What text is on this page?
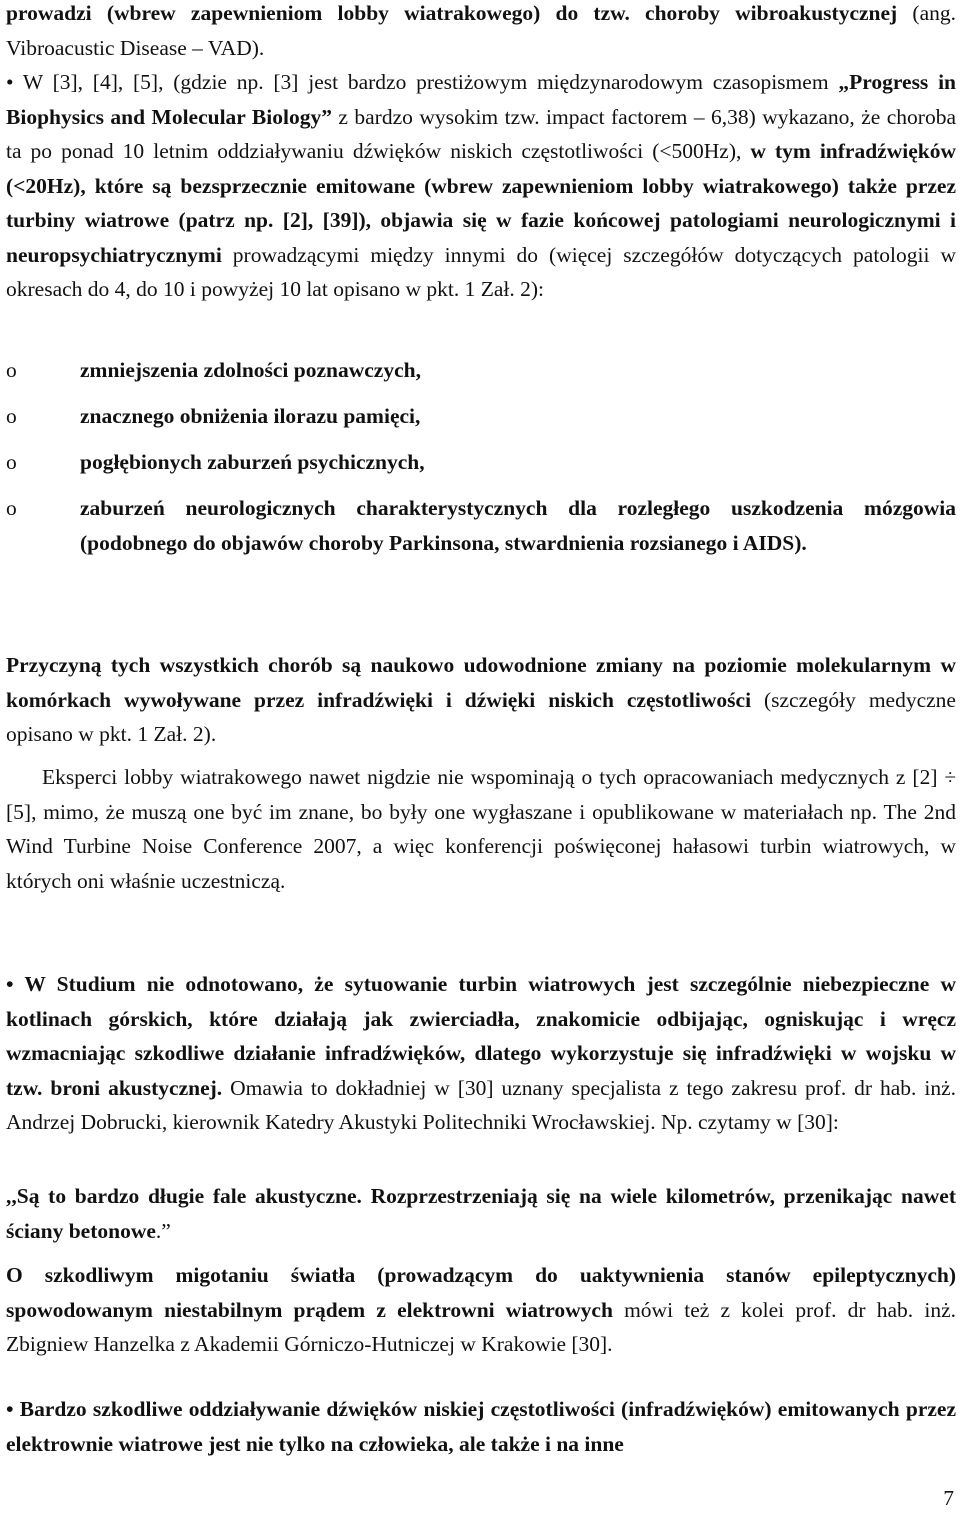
prowadzi (wbrew zapewnieniom lobby wiatrakowego) do tzw. choroby wibroakustycznej (ang. Vibroacustic Disease – VAD).

• W [3], [4], [5], (gdzie np. [3] jest bardzo prestiżowym międzynarodowym czasopismem „Progress in Biophysics and Molecular Biology” z bardzo wysokim tzw. impact factorem – 6,38) wykazano, że choroba ta po ponad 10 letnim oddziaływaniu dźwięków niskich częstotliwości (<500Hz), w tym infradźwięków (<20Hz), które są bezsprzecznie emitowane (wbrew zapewnieniom lobby wiatrakowego) także przez turbiny wiatrowe (patrz np. [2], [39]), objawia się w fazie końcowej patologiami neurologicznymi i neuropsychiatrycznymi prowadzącymi między innymi do (więcej szczegółów dotyczących patologii w okresach do 4, do 10 i powyżej 10 lat opisano w pkt. 1 Zał. 2):

o	zmniejszenia zdolności poznawczych,
o	znacznego obniżenia ilorazu pamięci,
o	pogłębionych zaburzeń psychicznych,
o	zaburzeń neurologicznych charakterystycznych dla rozległego uszkodzenia mózgowia (podobnego do objawów choroby Parkinsona, stwardnienia rozsianego i AIDS).

Przyczyną tych wszystkich chorób są naukowo udowodnione zmiany na poziomie molekularnym w komórkach wywoływane przez infradźwięki i dźwięki niskich częstotliwości (szczegóły medyczne opisano w pkt. 1 Zał. 2).

Eksperci lobby wiatrakowego nawet nigdzie nie wspominają o tych opracowaniach medycznych z [2] ÷ [5], mimo, że muszą one być im znane, bo były one wygłaszane i opublikowane w materiałach np. The 2nd Wind Turbine Noise Conference 2007, a więc konferencji poświęconej hałasowi turbin wiatrowych, w których oni właśnie uczestniczą.

• W Studium nie odnotowano, że sytuowanie turbin wiatrowych jest szczególnie niebezpieczne w kotlinach górskich, które działają jak zwierciadła, znakomicie odbijając, ogniskując i wręcz wzmacniając szkodliwe działanie infradźwięków, dlatego wykorzystuje się infradźwięki w wojsku w tzw. broni akustycznej. Omawia to dokładniej w [30] uznany specjalista z tego zakresu prof. dr hab. inż. Andrzej Dobrucki, kierownik Katedry Akustyki Politechniki Wrocławskiej. Np. czytamy w [30]:

,,Są to bardzo długie fale akustyczne. Rozprzestrzeniają się na wiele kilometrów, przenikając nawet ściany betonowe.”

O szkodliwym migotaniu światła (prowadzącym do uaktywnienia stanów epileptycznych) spowodowanym niestabilnym prądem z elektrowni wiatrowych mówi też z kolei prof. dr hab. inż. Zbigniew Hanzelka z Akademii Górniczo-Hutniczej w Krakowie [30].

• Bardzo szkodliwe oddziaływanie dźwięków niskiej częstotliwości (infradźwięków) emitowanych przez elektrownie wiatrowe jest nie tylko na człowieka, ale także i na inne

7
